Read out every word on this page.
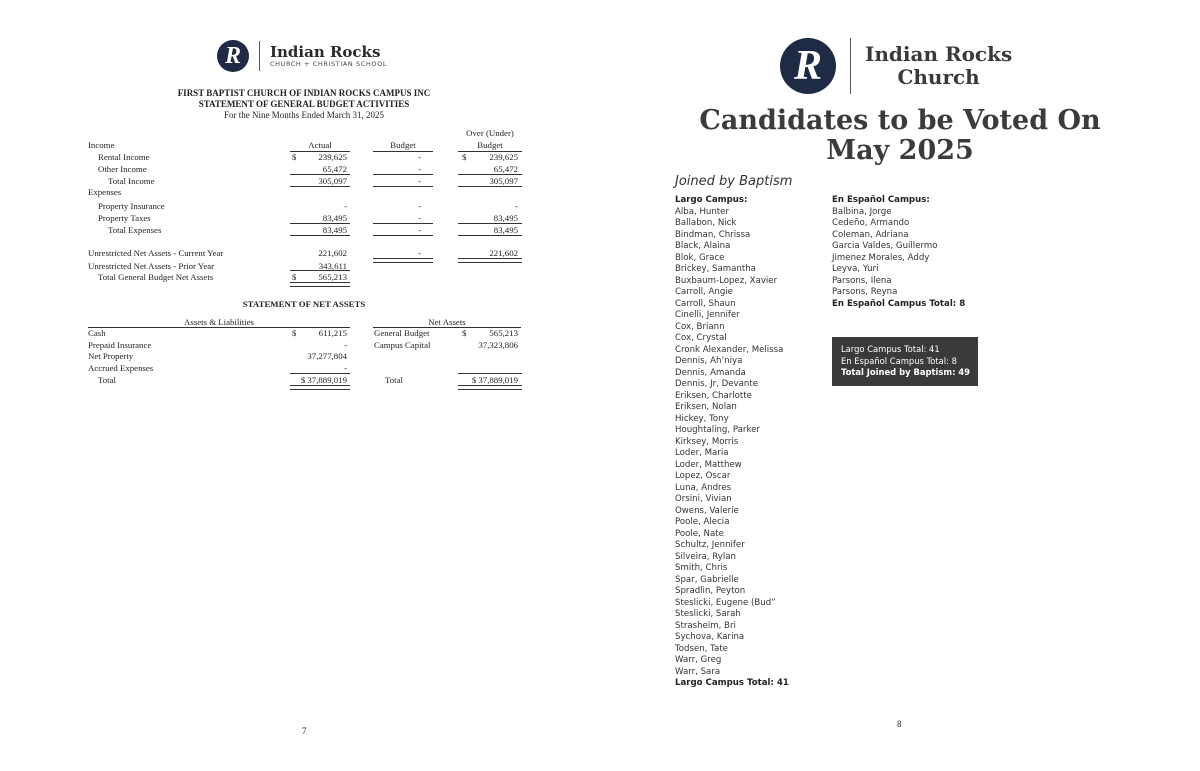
R	Indian Rocks
CHURCH + CHRISTIAN SCHOOL
FIRST BAPTIST CHURCH OF INDIAN ROCKS CAMPUS INC
STATEMENT OF GENERAL BUDGET ACTIVITIES
For the Nine Months Ended March 31, 2025
Over (Under)
Actual	Budget	Budget
Income
Rental Income	$	239,625	-	$	239,625
Other Income	65,472	-	65,472
Total Income	305,097	-	305,097
Expenses
Property Insurance	-	-	-
Property Taxes	83,495	-	83,495
Total Expenses	83,495	-	83,495
Unrestricted Net Assets - Current Year	221,602	-	221,602
Unrestricted Net Assets - Prior Year	343,611
Total General Budget Net Assets	$	565,213
STATEMENT OF NET ASSETS
Assets & Liabilities	Net Assets
Cash	$	611,215	General Budget	$	565,213
Prepaid Insurance	-	Campus Capital	37,323,806
Net Property	37,277,804
Accrued Expenses	-
Total	$ 37,889,019	Total	$ 37,889,019
7
R	Indian Rocks
Church
Candidates to be Voted On
May 2025
Joined by Baptism
Largo Campus:
Alba, Hunter
Ballabon, Nick
Bindman, Chrissa
Black, Alaina
Blok, Grace
Brickey, Samantha
Buxbaum-Lopez, Xavier
Carroll, Angie
Carroll, Shaun
Cinelli, Jennifer
Cox, Briann
Cox, Crystal
Cronk Alexander, Melissa
Dennis, Ah’niya
Dennis, Amanda
Dennis, Jr, Devante
Eriksen, Charlotte
Eriksen, Nolan
Hickey, Tony
Houghtaling, Parker
Kirksey, Morris
Loder, Maria
Loder, Matthew
Lopez, Oscar
Luna, Andres
Orsini, Vivian
Owens, Valerie
Poole, Alecia
Poole, Nate
Schultz, Jennifer
Silveira, Rylan
Smith, Chris
Spar, Gabrielle
Spradlin, Peyton
Steslicki, Eugene (Bud”
Steslicki, Sarah
Strasheim, Bri
Sychova, Karina
Todsen, Tate
Warr, Greg
Warr, Sara
Largo Campus Total: 41
En Español Campus:
Balbina, Jorge
Cedeño, Armando
Coleman, Adriana
Garcia Valdes, Guillermo
Jimenez Morales, Addy
Leyva, Yuri
Parsons, Ilena
Parsons, Reyna
En Español Campus Total: 8
Largo Campus Total: 41
En Español Campus Total: 8
Total Joined by Baptism: 49
8
